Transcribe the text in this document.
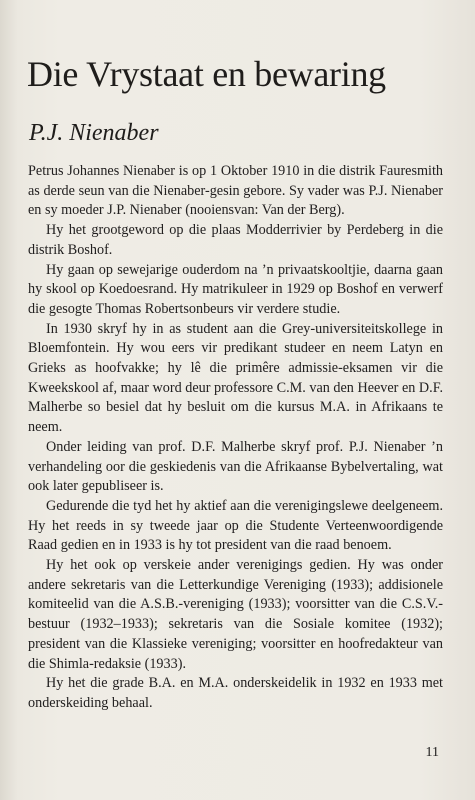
Die Vrystaat en bewaring
P.J. Nienaber

Petrus Johannes Nienaber is op 1 Oktober 1910 in die distrik Fauresmith as derde seun van die Nienaber-gesin gebore. Sy vader was P.J. Nienaber en sy moeder J.P. Nienaber (nooiensvan: Van der Berg).

Hy het grootgeword op die plaas Modderrivier by Perdeberg in die distrik Boshof.

Hy gaan op sewejarige ouderdom na ’n privaatskooltjie, daarna gaan hy skool op Koedoesrand. Hy matrikuleer in 1929 op Boshof en verwerf die gesogte Thomas Robertsonbeurs vir verdere studie.

In 1930 skryf hy in as student aan die Grey-universiteitskollege in Bloemfontein. Hy wou eers vir predikant studeer en neem Latyn en Grieks as hoofvakke; hy lê die primêre admissie-eksamen vir die Kweekskool af, maar word deur professore C.M. van den Heever en D.F. Malherbe so besiel dat hy besluit om die kursus M.A. in Afrikaans te neem.

Onder leiding van prof. D.F. Malherbe skryf prof. P.J. Nienaber ’n verhandeling oor die geskiedenis van die Afrikaanse Bybelvertaling, wat ook later gepubliseer is.

Gedurende die tyd het hy aktief aan die verenigingslewe deelgeneem. Hy het reeds in sy tweede jaar op die Studente Verteenwoordigende Raad gedien en in 1933 is hy tot president van die raad benoem.

Hy het ook op verskeie ander verenigings gedien. Hy was onder andere sekretaris van die Letterkundige Vereniging (1933); addisionele komiteelid van die A.S.B.-vereniging (1933); voorsitter van die C.S.V.-bestuur (1932–1933); sekretaris van die Sosiale komitee (1932); president van die Klassieke vereniging; voorsitter en hoofredakteur van die Shimla-redaksie (1933).

Hy het die grade B.A. en M.A. onderskeidelik in 1932 en 1933 met onderskeiding behaal.

11
